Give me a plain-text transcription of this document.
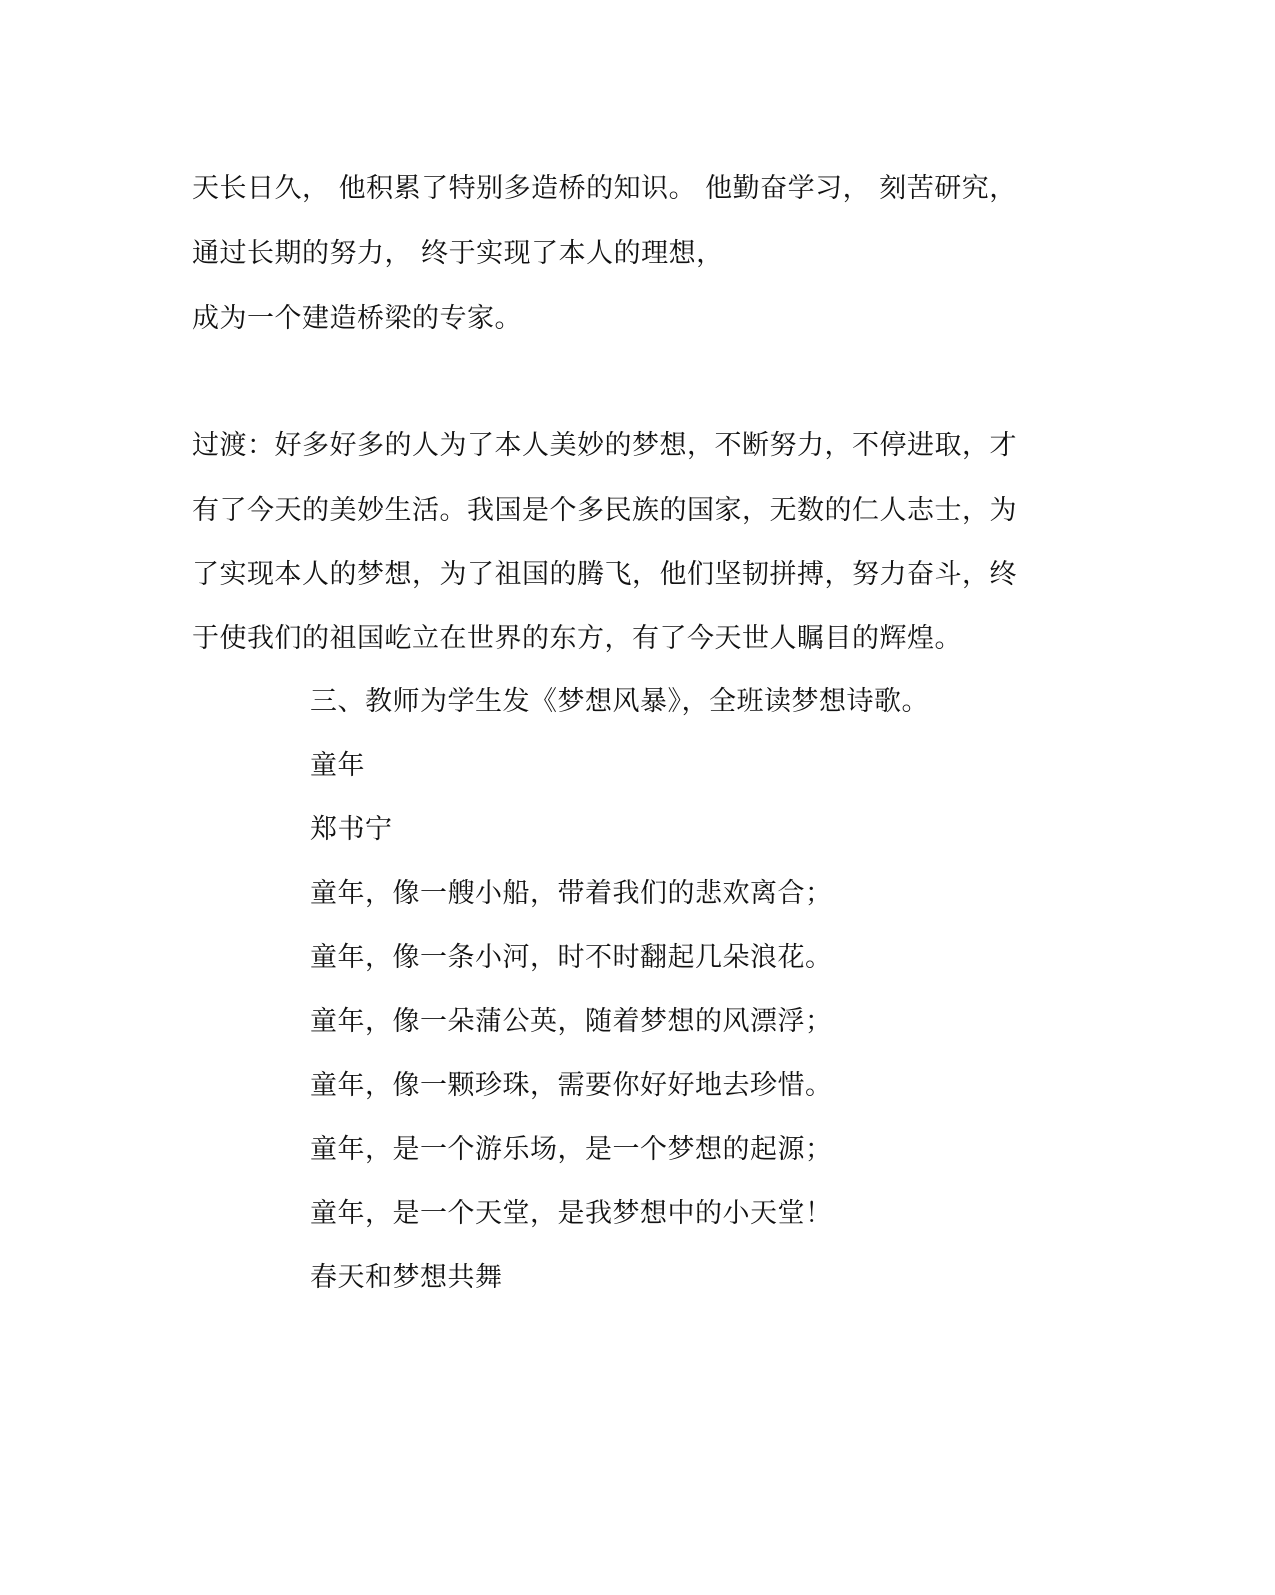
天长日久， 他积累了特别多造桥的知识。 他勤奋学习， 刻苦研究，
通过长期的努力， 终于实现了本人的理想，
成为一个建造桥梁的专家。
过渡：好多好多的人为了本人美妙的梦想，不断努力，不停进取，才
有了今天的美妙生活。我国是个多民族的国家，无数的仁人志士，为
了实现本人的梦想，为了祖国的腾飞，他们坚韧拼搏，努力奋斗，终
于使我们的祖国屹立在世界的东方，有了今天世人瞩目的辉煌。
三、教师为学生发《梦想风暴》，全班读梦想诗歌。
童年
郑书宁
童年，像一艘小船，带着我们的悲欢离合；
童年，像一条小河，时不时翻起几朵浪花。
童年，像一朵蒲公英，随着梦想的风漂浮；
童年，像一颗珍珠，需要你好好地去珍惜。
童年，是一个游乐场，是一个梦想的起源；
童年，是一个天堂，是我梦想中的小天堂！
春天和梦想共舞
